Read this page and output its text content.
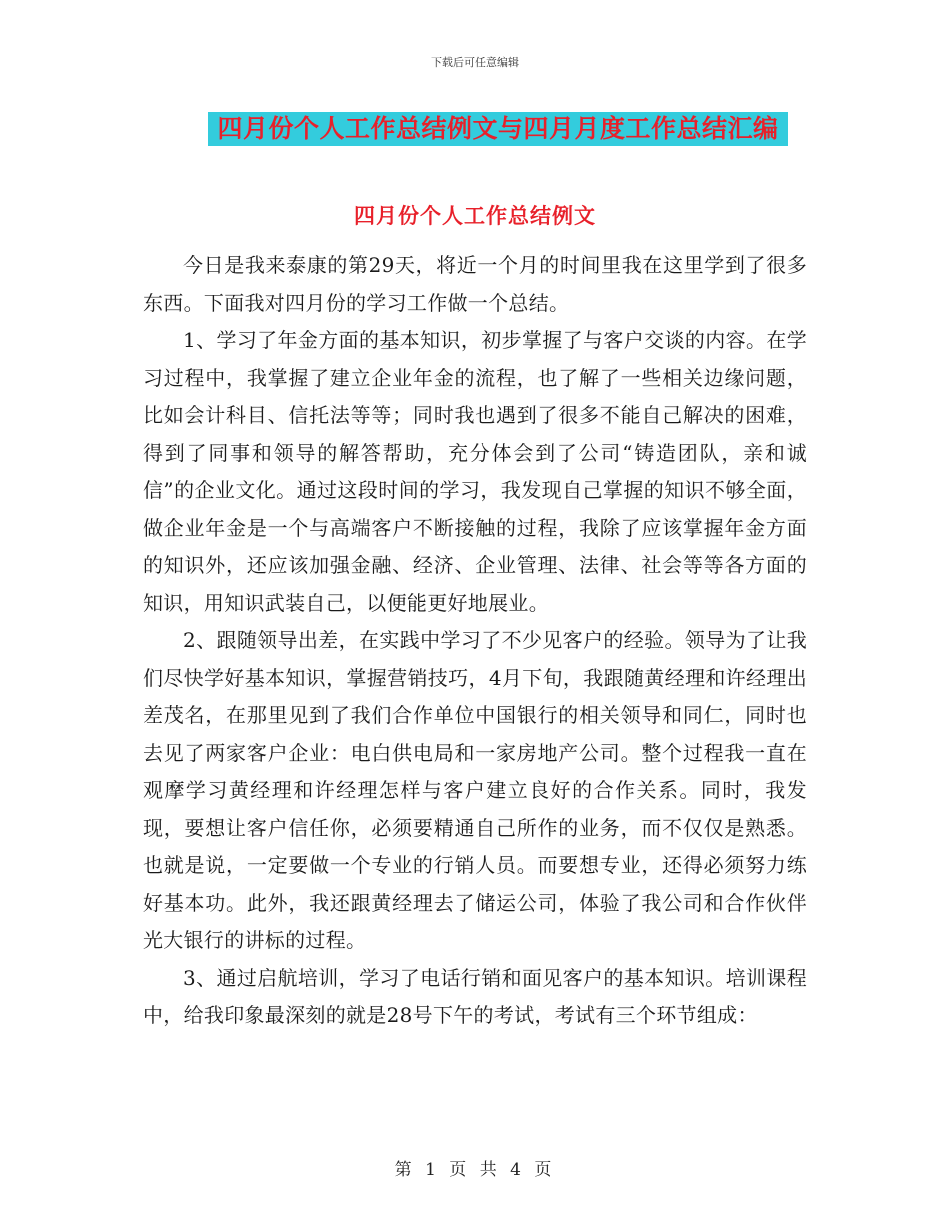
下载后可任意编辑
四月份个人工作总结例文与四月月度工作总结汇编
四月份个人工作总结例文

今日是我来泰康的第29天，将近一个月的时间里我在这里学到了很多东西。下面我对四月份的学习工作做一个总结。

1、学习了年金方面的基本知识，初步掌握了与客户交谈的内容。在学习过程中，我掌握了建立企业年金的流程，也了解了一些相关边缘问题，比如会计科目、信托法等等；同时我也遇到了很多不能自己解决的困难，得到了同事和领导的解答帮助，充分体会到了公司“铸造团队，亲和诚信”的企业文化。通过这段时间的学习，我发现自己掌握的知识不够全面，做企业年金是一个与高端客户不断接触的过程，我除了应该掌握年金方面的知识外，还应该加强金融、经济、企业管理、法律、社会等等各方面的知识，用知识武装自己，以便能更好地展业。

2、跟随领导出差，在实践中学习了不少见客户的经验。领导为了让我们尽快学好基本知识，掌握营销技巧，4月下旬，我跟随黄经理和许经理出差茂名，在那里见到了我们合作单位中国银行的相关领导和同仁，同时也去见了两家客户企业：电白供电局和一家房地产公司。整个过程我一直在观摩学习黄经理和许经理怎样与客户建立良好的合作关系。同时，我发现，要想让客户信任你，必须要精通自己所作的业务，而不仅仅是熟悉。也就是说，一定要做一个专业的行销人员。而要想专业，还得必须努力练好基本功。此外，我还跟黄经理去了储运公司，体验了我公司和合作伙伴光大银行的讲标的过程。

3、通过启航培训，学习了电话行销和面见客户的基本知识。培训课程中，给我印象最深刻的就是28号下午的考试，考试有三个环节组成：

第 1 页 共 4 页
